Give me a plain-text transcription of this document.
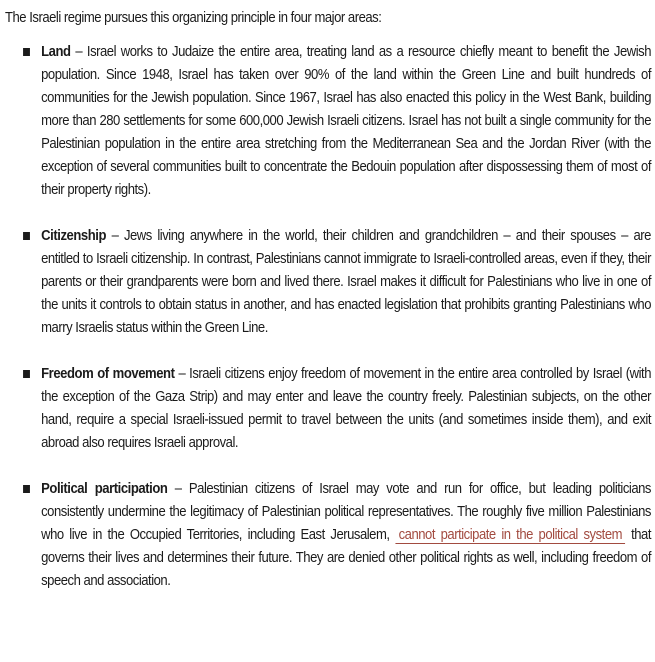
The Israeli regime pursues this organizing principle in four major areas:

Land – Israel works to Judaize the entire area, treating land as a resource chiefly meant to benefit the Jewish population. Since 1948, Israel has taken over 90% of the land within the Green Line and built hundreds of communities for the Jewish population. Since 1967, Israel has also enacted this policy in the West Bank, building more than 280 settlements for some 600,000 Jewish Israeli citizens. Israel has not built a single community for the Palestinian population in the entire area stretching from the Mediterranean Sea and the Jordan River (with the exception of several communities built to concentrate the Bedouin population after dispossessing them of most of their property rights).
Citizenship – Jews living anywhere in the world, their children and grandchildren – and their spouses – are entitled to Israeli citizenship. In contrast, Palestinians cannot immigrate to Israeli-controlled areas, even if they, their parents or their grandparents were born and lived there. Israel makes it difficult for Palestinians who live in one of the units it controls to obtain status in another, and has enacted legislation that prohibits granting Palestinians who marry Israelis status within the Green Line.
Freedom of movement – Israeli citizens enjoy freedom of movement in the entire area controlled by Israel (with the exception of the Gaza Strip) and may enter and leave the country freely. Palestinian subjects, on the other hand, require a special Israeli-issued permit to travel between the units (and sometimes inside them), and exit abroad also requires Israeli approval.
Political participation – Palestinian citizens of Israel may vote and run for office, but leading politicians consistently undermine the legitimacy of Palestinian political representatives. The roughly five million Palestinians who live in the Occupied Territories, including East Jerusalem, cannot participate in the political system that governs their lives and determines their future. They are denied other political rights as well, including freedom of speech and association.
